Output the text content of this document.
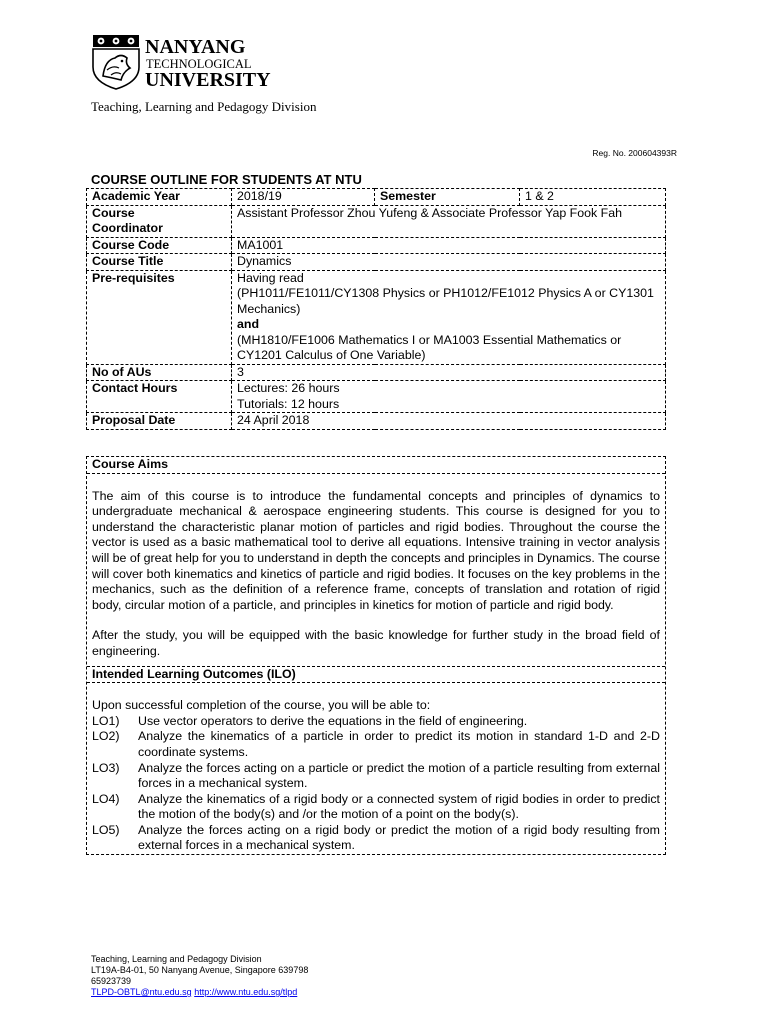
NANYANG
TECHNOLOGICAL
UNIVERSITY
Teaching, Learning and Pedagogy Division
Reg. No. 200604393R
COURSE OUTLINE FOR STUDENTS AT NTU
Academic Year	2018/19	Semester	1 & 2

Course
Coordinator	Assistant Professor Zhou Yufeng & Associate Professor Yap Fook Fah		
Course Code	MA1001		
Course Title	Dynamics		
Pre-requisites	Having read
(PH1011/FE1011/CY1308 Physics or PH1012/FE1012 Physics A or CY1301 Mechanics)
and
(MH1810/FE1006 Mathematics I or MA1003 Essential Mathematics or CY1201 Calculus of One Variable)		

No of AUs	3		
Contact Hours	Lectures: 26 hours
Tutorials: 12 hours		

Proposal Date	24 April 2018		
Course Aims

The aim of this course is to introduce the fundamental concepts and principles of dynamics to undergraduate mechanical & aerospace engineering students. This course is designed for you to understand the characteristic planar motion of particles and rigid bodies. Throughout the course the vector is used as a basic mathematical tool to derive all equations. Intensive training in vector analysis will be of great help for you to understand in depth the concepts and principles in Dynamics. The course will cover both kinematics and kinetics of particle and rigid bodies. It focuses on the key problems in the mechanics, such as the definition of a reference frame, concepts of translation and rotation of rigid body, circular motion of a particle, and principles in kinetics for motion of particle and rigid body.

After the study, you will be equipped with the basic knowledge for further study in the broad field of engineering.

Intended Learning Outcomes (ILO)

Upon successful completion of the course, you will be able to:

LO1)	Use vector operators to derive the equations in the field of engineering.
LO2)	Analyze the kinematics of a particle in order to predict its motion in standard 1-D and 2-D coordinate systems.
LO3)	Analyze the forces acting on a particle or predict the motion of a particle resulting from external forces in a mechanical system.
LO4)	Analyze the kinematics of a rigid body or a connected system of rigid bodies in order to predict the motion of the body(s) and /or the motion of a point on the body(s).
LO5)	Analyze the forces acting on a rigid body or predict the motion of a rigid body resulting from external forces in a mechanical system.
Teaching, Learning and Pedagogy Division
LT19A-B4-01, 50 Nanyang Avenue, Singapore 639798
65923739
TLPD-OBTL@ntu.edu.sg http://www.ntu.edu.sg/tlpd
